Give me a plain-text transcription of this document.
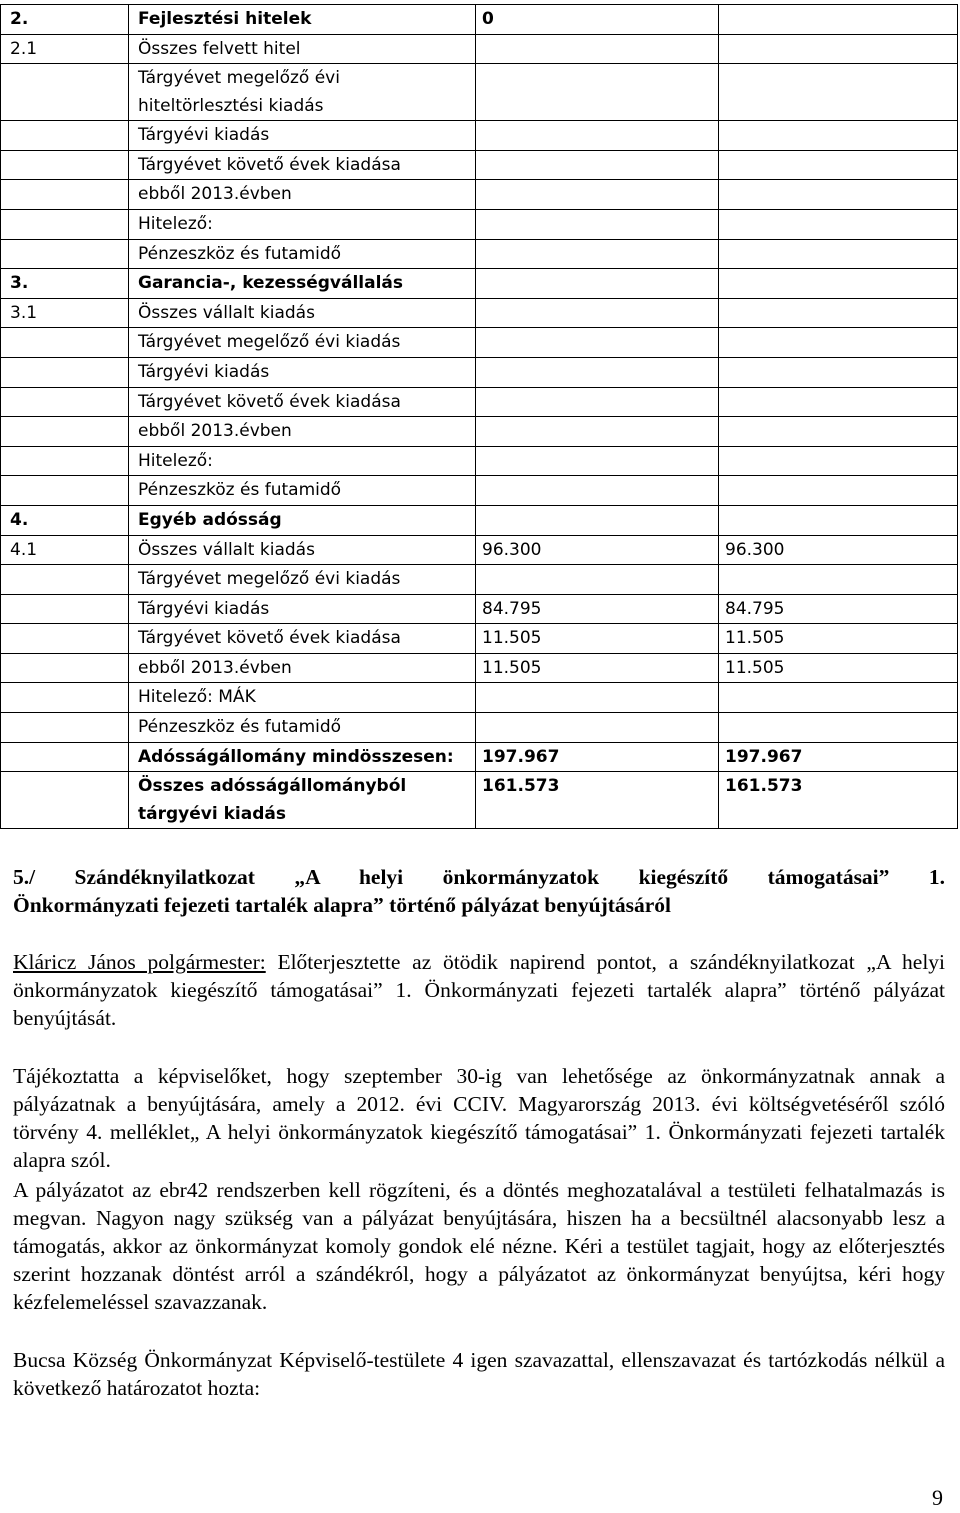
2.	Fejlesztési hitelek	0	
2.1	Összes felvett hitel		
	Tárgyévet megelőző évi hiteltörlesztési kiadás		
	Tárgyévi kiadás		
	Tárgyévet követő évek kiadása		
	ebből 2013.évben		
	Hitelező:		
	Pénzeszköz és futamidő		
3.	Garancia-, kezességvállalás		
3.1	Összes vállalt kiadás		
	Tárgyévet megelőző évi kiadás		
	Tárgyévi kiadás		
	Tárgyévet követő évek kiadása		
	ebből 2013.évben		
	Hitelező:		
	Pénzeszköz és futamidő		
4.	Egyéb adósság		
4.1	Összes vállalt kiadás	96.300	96.300
	Tárgyévet megelőző évi kiadás		
	Tárgyévi kiadás	84.795	84.795
	Tárgyévet követő évek kiadása	11.505	11.505
	ebből 2013.évben	11.505	11.505
	Hitelező: MÁK		
	Pénzeszköz és futamidő		
	Adósságállomány mindösszesen:	197.967	197.967
	Összes adósságállományból tárgyévi kiadás	161.573	161.573

5./ Szándéknyilatkozat „A helyi önkormányzatok kiegészítő támogatásai” 1.

Önkormányzati fejezeti tartalék alapra” történő pályázat benyújtásáról

Kláricz János polgármester: Előterjesztette az ötödik napirend pontot, a szándéknyilatkozat „A helyi önkormányzatok kiegészítő támogatásai” 1. Önkormányzati fejezeti tartalék alapra” történő pályázat benyújtását.

Tájékoztatta a képviselőket, hogy szeptember 30-ig van lehetősége az önkormányzatnak annak a pályázatnak a benyújtására, amely a 2012. évi CCIV. Magyarország 2013. évi költségvetéséről szóló törvény 4. melléklet„ A helyi önkormányzatok kiegészítő támogatásai” 1. Önkormányzati fejezeti tartalék alapra szól.

A pályázatot az ebr42 rendszerben kell rögzíteni, és a döntés meghozatalával a testületi felhatalmazás is megvan. Nagyon nagy szükség van a pályázat benyújtására, hiszen ha a becsültnél alacsonyabb lesz a támogatás, akkor az önkormányzat komoly gondok elé nézne. Kéri a testület tagjait, hogy az előterjesztés szerint hozzanak döntést arról a szándékról, hogy a pályázatot az önkormányzat benyújtsa, kéri hogy kézfelemeléssel szavazzanak.

Bucsa Község Önkormányzat Képviselő-testülete 4 igen szavazattal, ellenszavazat és tartózkodás nélkül a következő határozatot hozta:

9
